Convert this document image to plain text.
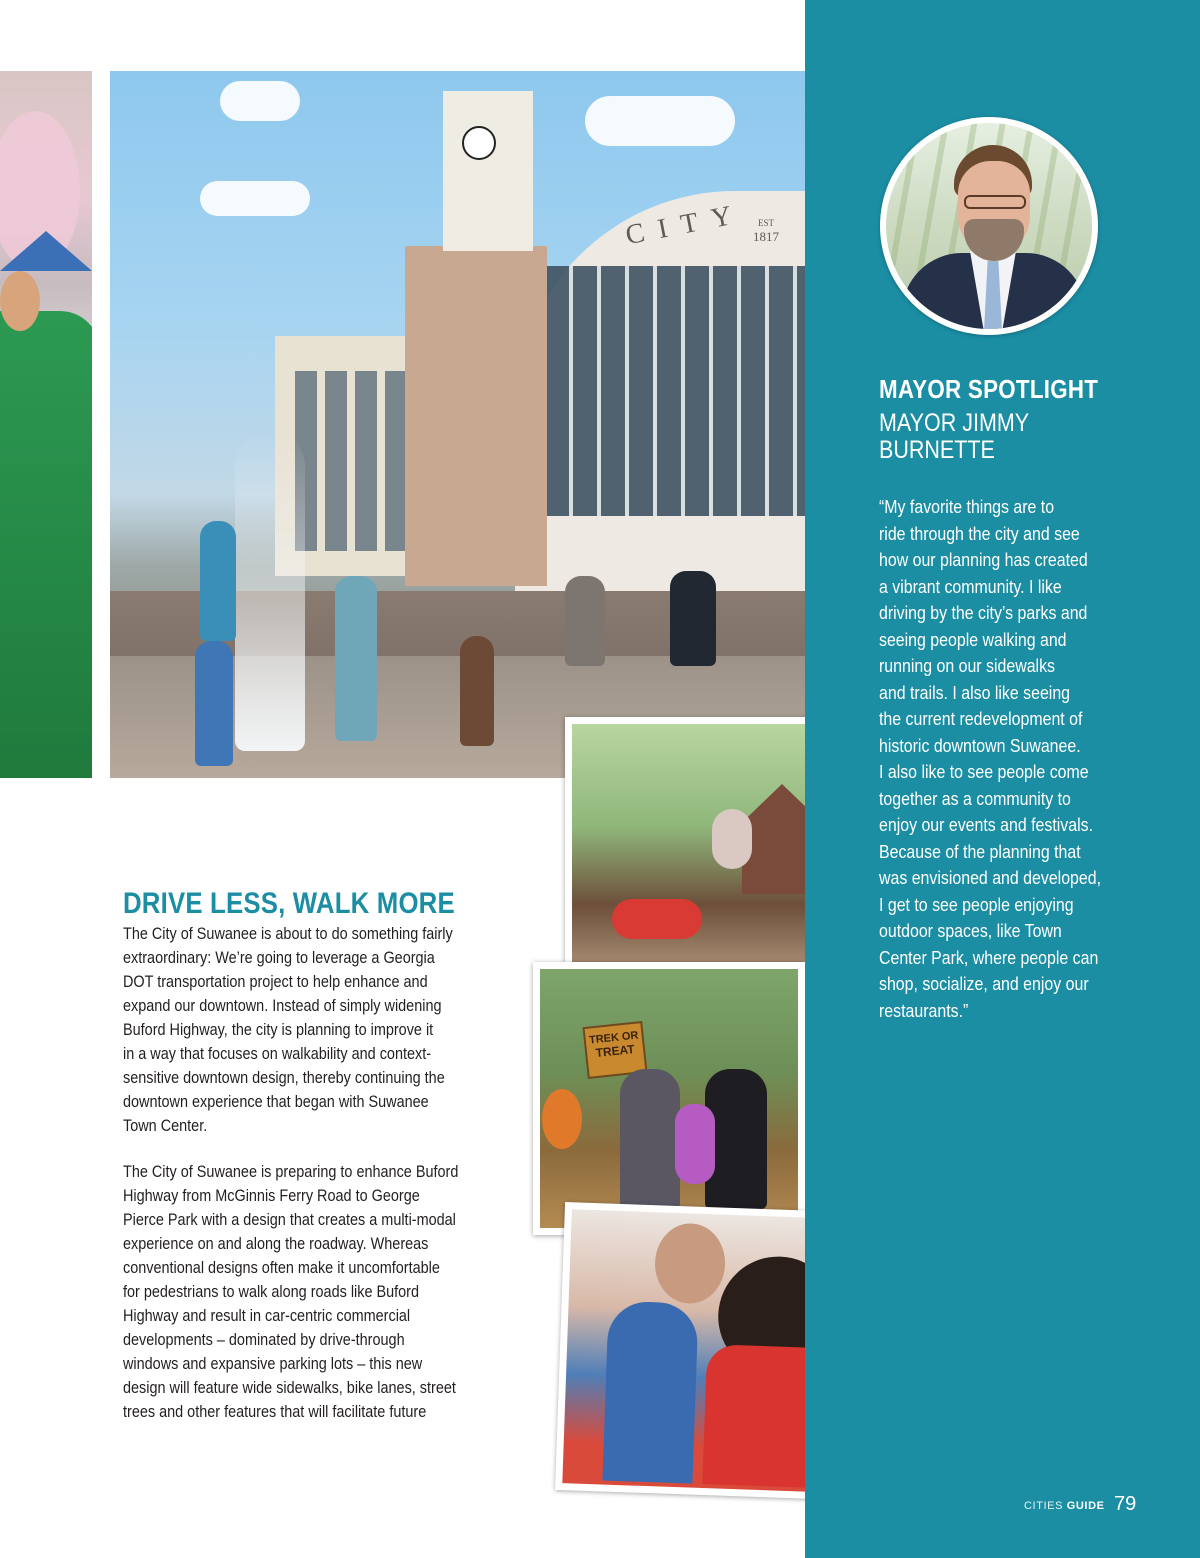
CITY EST
1817
TREK OR
TREAT
DRIVE LESS, WALK MORE

The City of Suwanee is about to do something fairly
extraordinary: We’re going to leverage a Georgia
DOT transportation project to help enhance and
expand our downtown. Instead of simply widening
Buford Highway, the city is planning to improve it
in a way that focuses on walkability and context-
sensitive downtown design, thereby continuing the
downtown experience that began with Suwanee
Town Center.

The City of Suwanee is preparing to enhance Buford
Highway from McGinnis Ferry Road to George
Pierce Park with a design that creates a multi-modal
experience on and along the roadway. Whereas
conventional designs often make it uncomfortable
for pedestrians to walk along roads like Buford
Highway and result in car-centric commercial
developments – dominated by drive-through
windows and expansive parking lots – this new
design will feature wide sidewalks, bike lanes, street
trees and other features that will facilitate future

MAYOR SPOTLIGHT
MAYOR JIMMY
BURNETTE

“My favorite things are to
ride through the city and see
how our planning has created
a vibrant community. I like
driving by the city’s parks and
seeing people walking and
running on our sidewalks
and trails. I also like seeing
the current redevelopment of
historic downtown Suwanee.
I also like to see people come
together as a community to
enjoy our events and festivals.
Because of the planning that
was envisioned and developed,
I get to see people enjoying
outdoor spaces, like Town
Center Park, where people can
shop, socialize, and enjoy our
restaurants.”

CITIES GUIDE 79
